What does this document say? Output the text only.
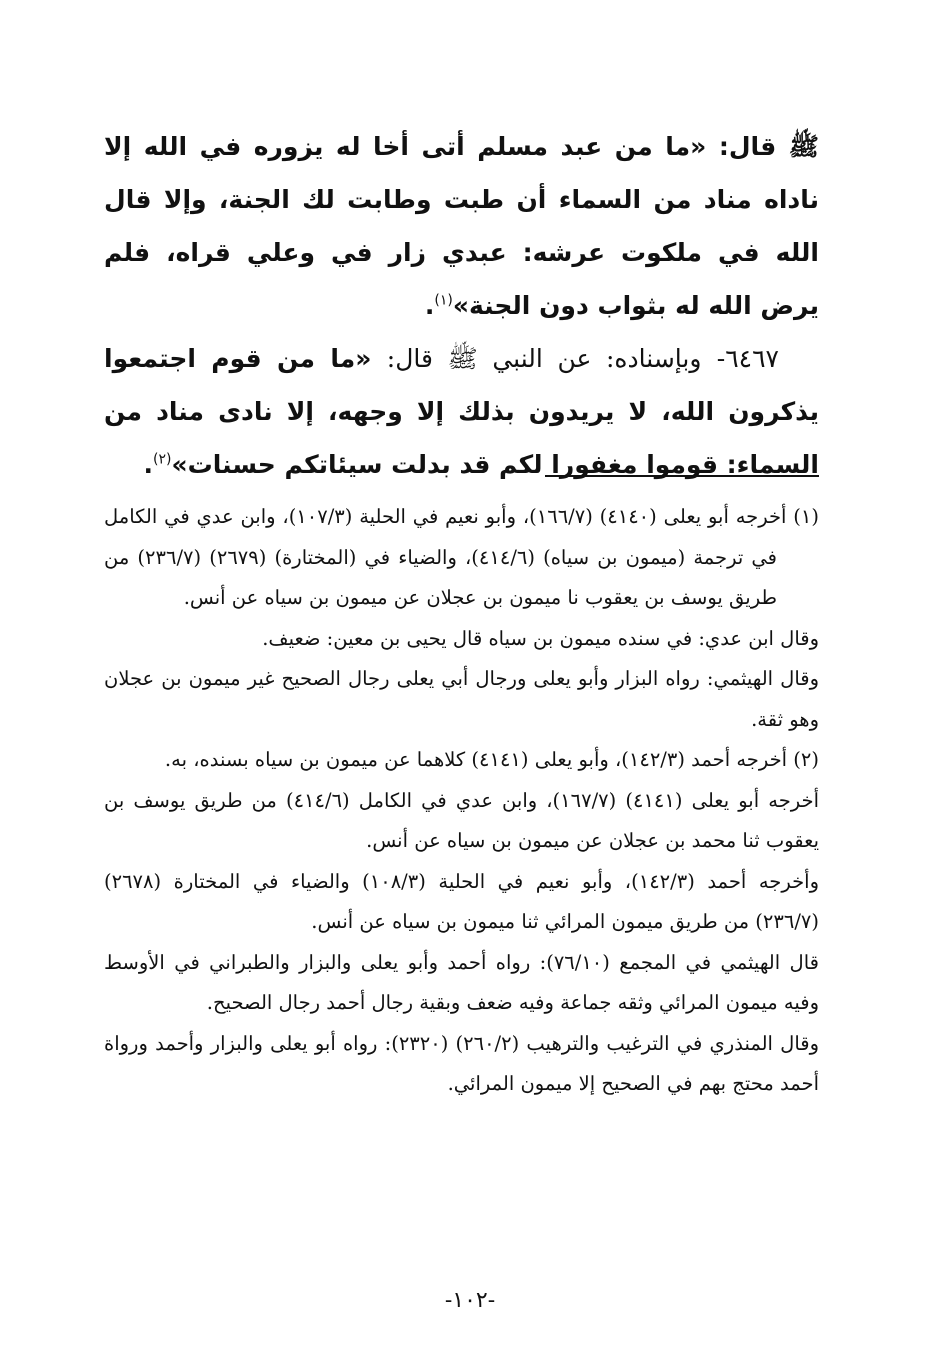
ﷺ قال: «ما من عبد مسلم أتى أخا له يزوره في الله إلا ناداه مناد من السماء أن طبت وطابت لك الجنة، وإلا قال الله في ملكوت عرشه: عبدي زار في وعلي قراه، فلم يرض الله له بثواب دون الجنة»$^{(١)}$.

٦٤٦٧- وبإسناده: عن النبي ﷺ قال: «ما من قوم اجتمعوا يذكرون الله، لا يريدون بذلك إلا وجهه، إلا نادى مناد من السماء: قوموا مغفورا لكم قد بدلت سيئاتكم حسنات»$^{(٢)}$.

(١) أخرجه أبو يعلى (٤١٤٠) (١٦٦/٧)، وأبو نعيم في الحلية (١٠٧/٣)، وابن عدي في الكامل في ترجمة (ميمون بن سياه) (٤١٤/٦)، والضياء في (المختارة) (٢٦٧٩) (٢٣٦/٧) من طريق يوسف بن يعقوب نا ميمون بن عجلان عن ميمون بن سياه عن أنس.

وقال ابن عدي: في سنده ميمون بن سياه قال يحيى بن معين: ضعيف.

وقال الهيثمي: رواه البزار وأبو يعلى ورجال أبي يعلى رجال الصحيح غير ميمون بن عجلان وهو ثقة.

(٢) أخرجه أحمد (١٤٢/٣)، وأبو يعلى (٤١٤١) كلاهما عن ميمون بن سياه بسنده، به.

أخرجه أبو يعلى (٤١٤١) (١٦٧/٧)، وابن عدي في الكامل (٤١٤/٦) من طريق يوسف بن يعقوب ثنا محمد بن عجلان عن ميمون بن سياه عن أنس.

وأخرجه أحمد (١٤٢/٣)، وأبو نعيم في الحلية (١٠٨/٣) والضياء في المختارة (٢٦٧٨) (٢٣٦/٧) من طريق ميمون المرائي ثنا ميمون بن سياه عن أنس.

قال الهيثمي في المجمع (٧٦/١٠): رواه أحمد وأبو يعلى والبزار والطبراني في الأوسط وفيه ميمون المرائي وثقه جماعة وفيه ضعف وبقية رجال أحمد رجال الصحيح.

وقال المنذري في الترغيب والترهيب (٢٦٠/٢) (٢٣٢٠): رواه أبو يعلى والبزار وأحمد ورواة أحمد محتج بهم في الصحيح إلا ميمون المرائي.

-١٠٢-
